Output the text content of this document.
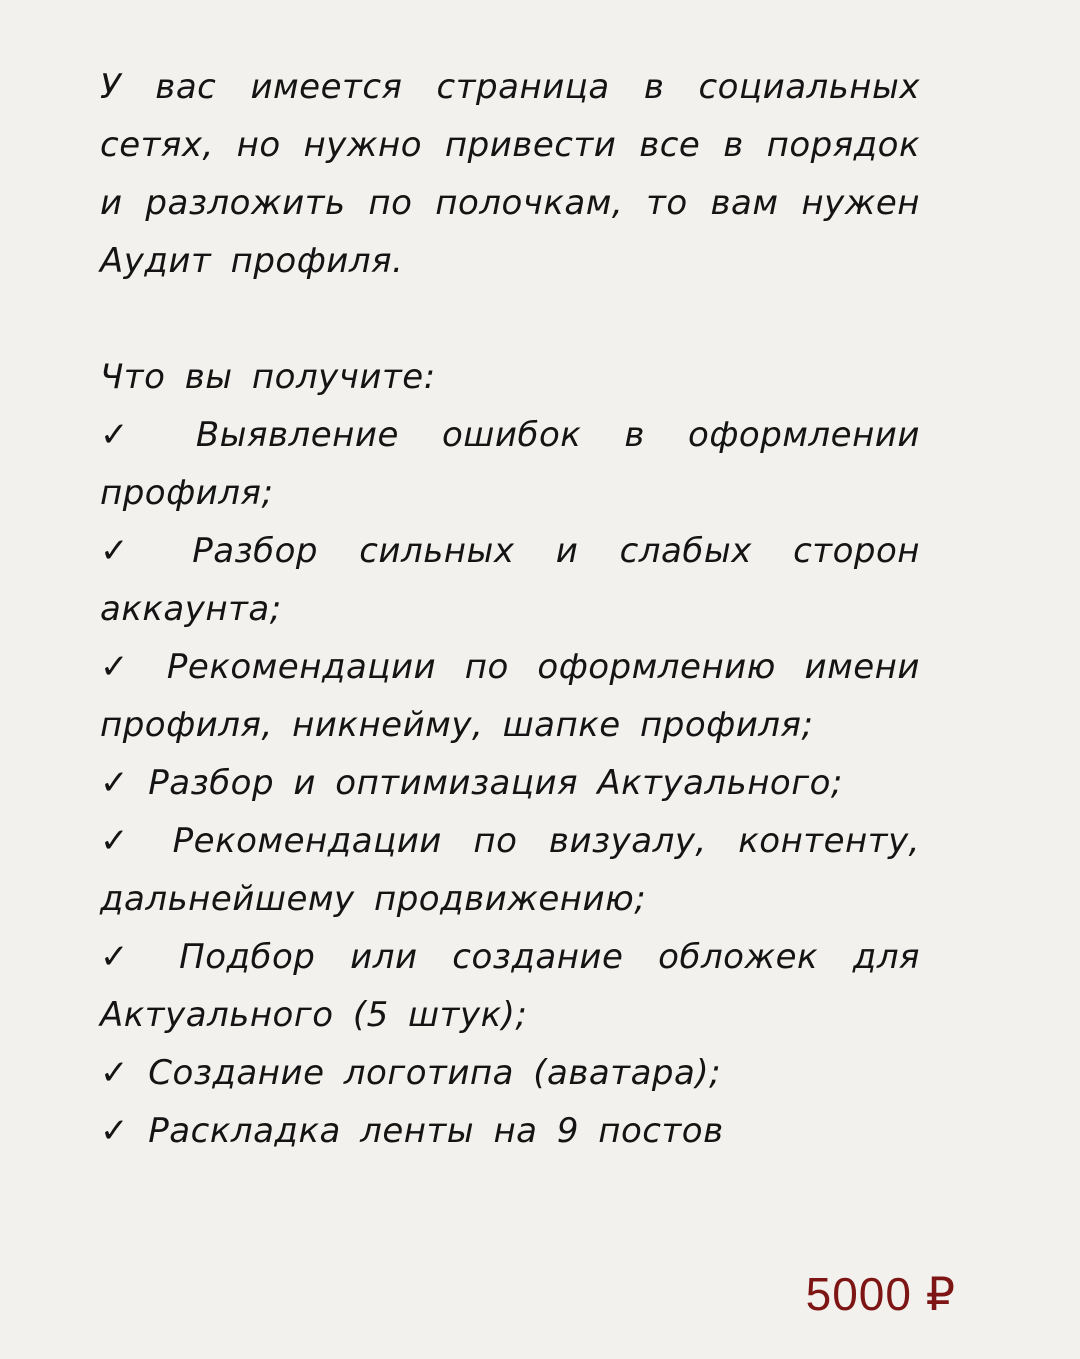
У вас имеется страница в социальных сетях, но нужно привести все в порядок и разложить по полочкам, то вам нужен Аудит профиля.

Что вы получите:

✓ Выявление ошибок в оформлении профиля;

✓ Разбор сильных и слабых сторон аккаунта;

✓ Рекомендации по оформлению имени профиля, никнейму, шапке профиля;

✓ Разбор и оптимизация Актуального;

✓ Рекомендации по визуалу, контенту, дальнейшему продвижению;

✓ Подбор или создание обложек для Актуального (5 штук);

✓ Создание логотипа (аватара);

✓ Раскладка ленты на 9 постов

5000 ₽
